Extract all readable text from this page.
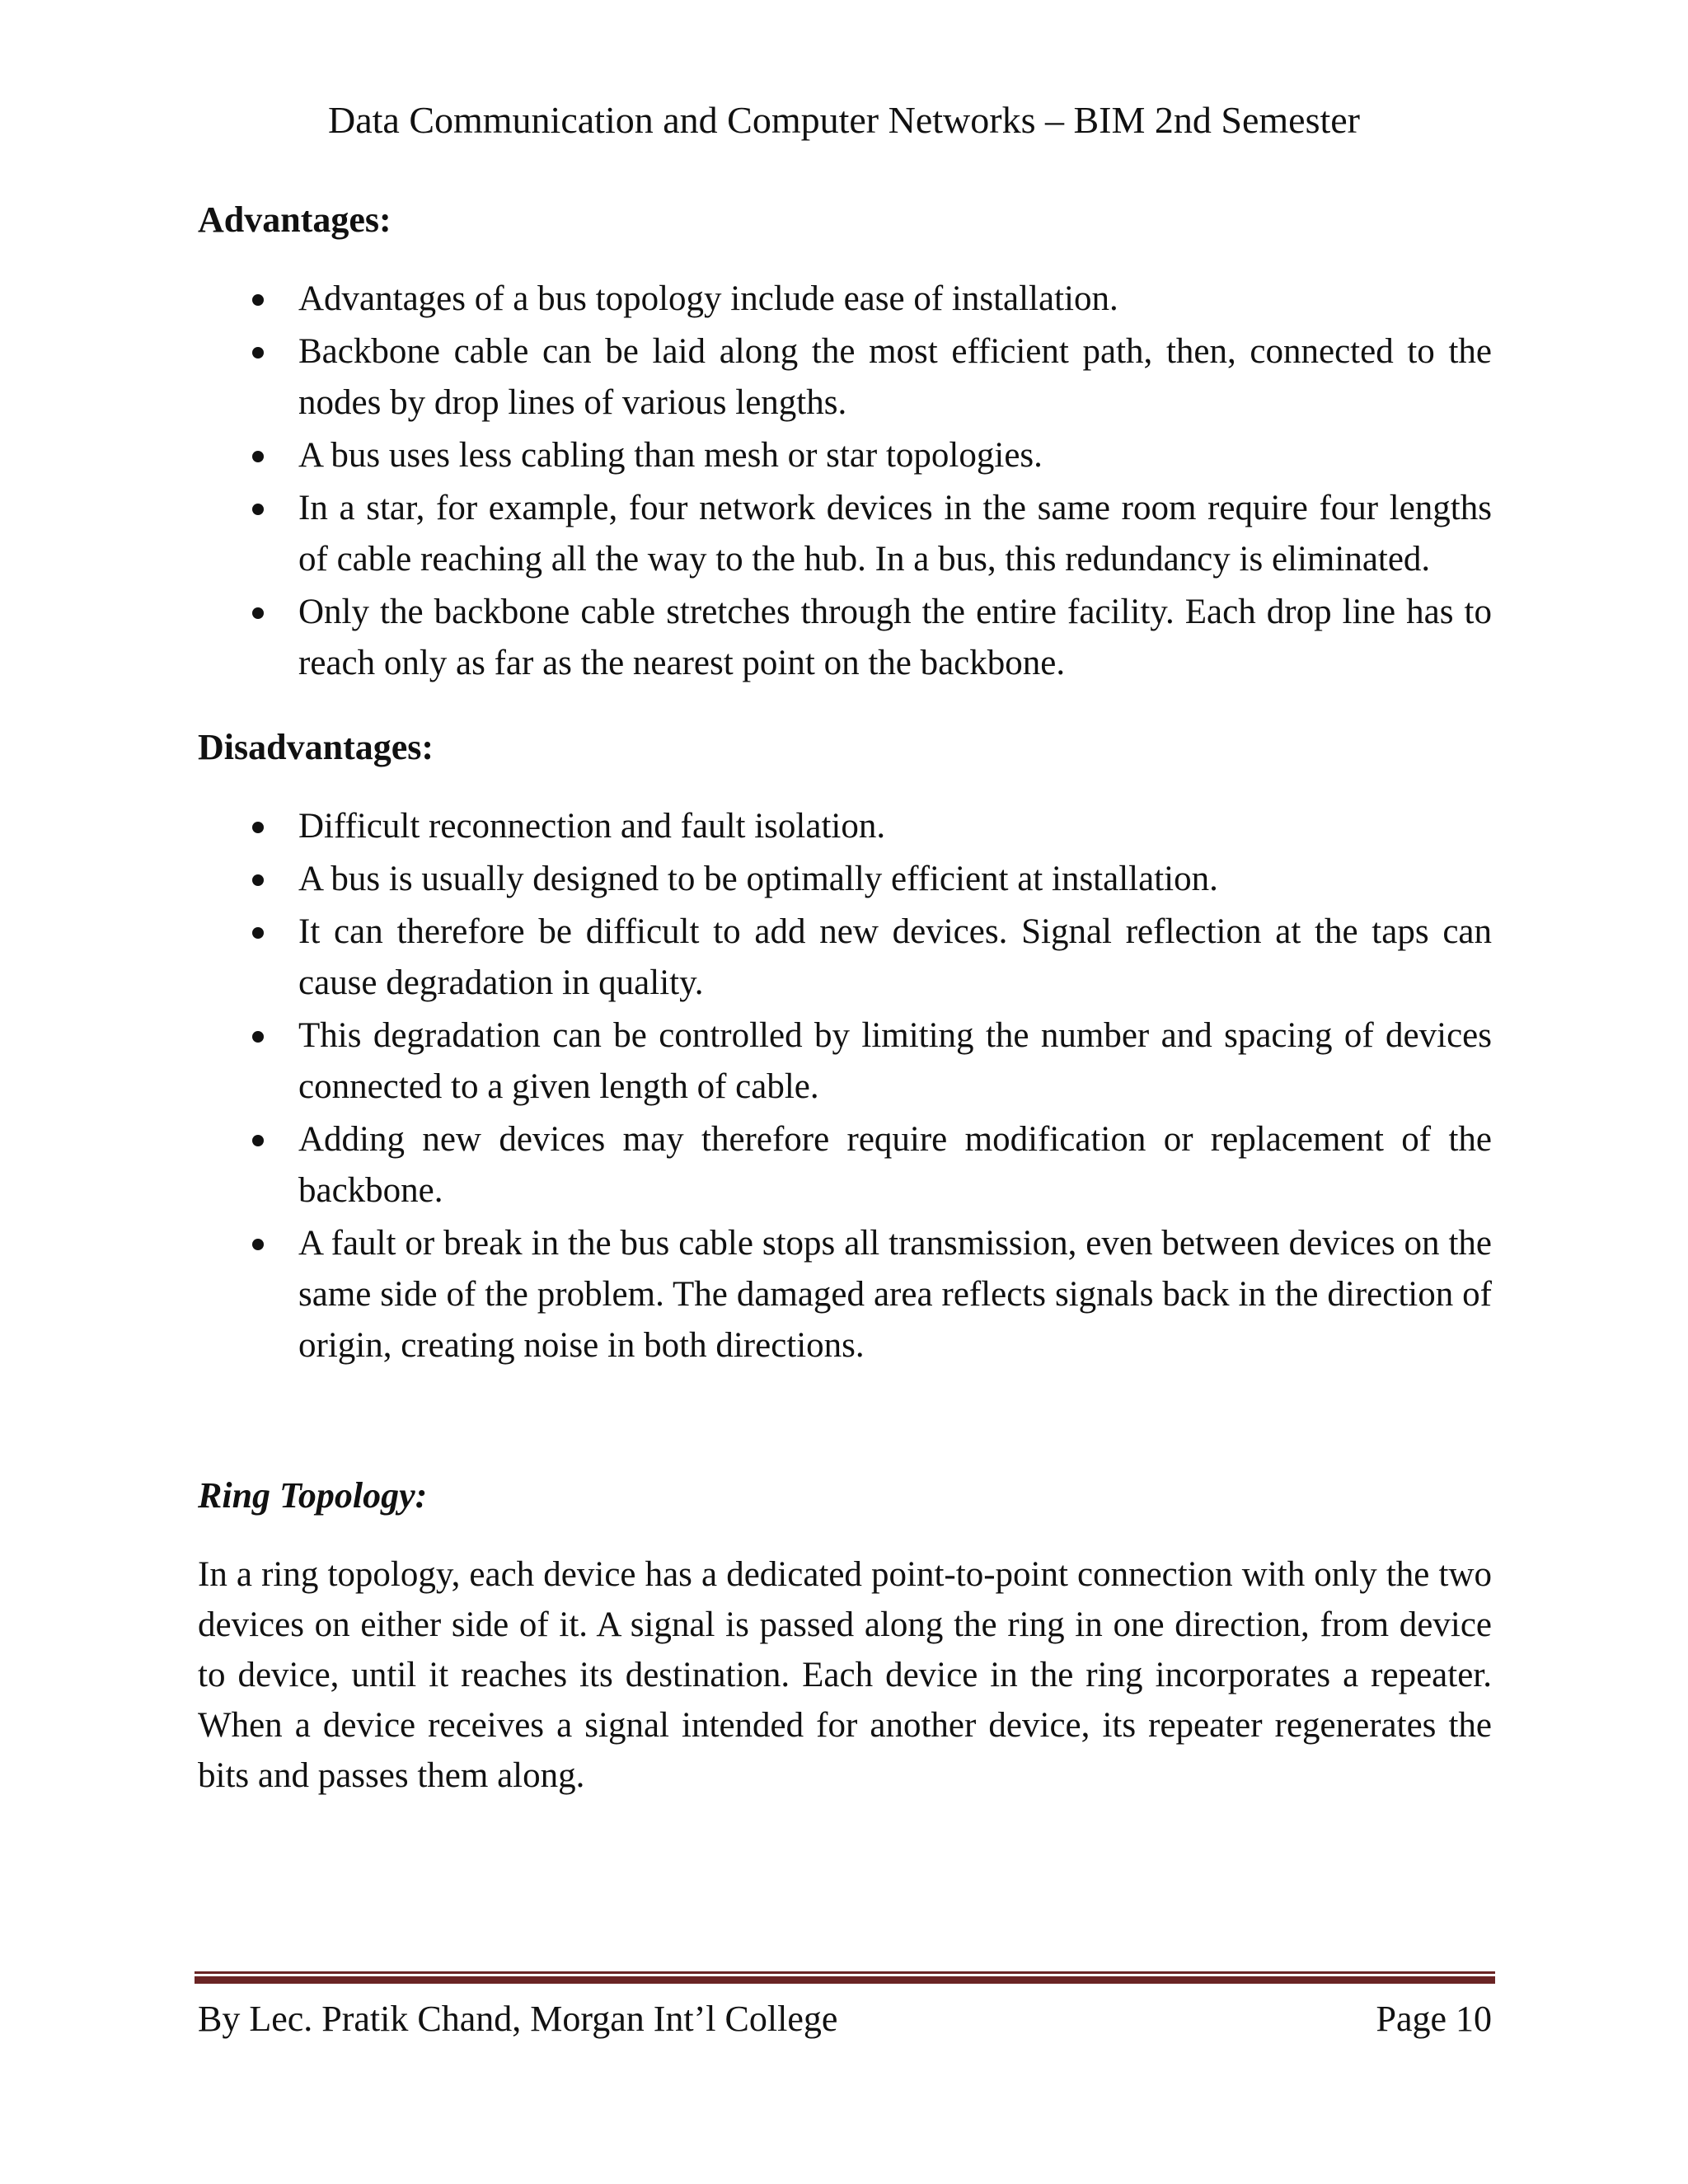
Data Communication and Computer Networks – BIM 2nd Semester

Advantages:
Advantages of a bus topology include ease of installation.
Backbone cable can be laid along the most efficient path, then, connected to the nodes by drop lines of various lengths.
A bus uses less cabling than mesh or star topologies.
In a star, for example, four network devices in the same room require four lengths of cable reaching all the way to the hub. In a bus, this redundancy is eliminated.
Only the backbone cable stretches through the entire facility. Each drop line has to reach only as far as the nearest point on the backbone.
Disadvantages:
Difficult reconnection and fault isolation.
A bus is usually designed to be optimally efficient at installation.
It can therefore be difficult to add new devices. Signal reflection at the taps can cause degradation in quality.
This degradation can be controlled by limiting the number and spacing of devices connected to a given length of cable.
Adding new devices may therefore require modification or replacement of the backbone.
A fault or break in the bus cable stops all transmission, even between devices on the same side of the problem. The damaged area reflects signals back in the direction of origin, creating noise in both directions.
Ring Topology:

In a ring topology, each device has a dedicated point-to-point connection with only the two devices on either side of it. A signal is passed along the ring in one direction, from device to device, until it reaches its destination. Each device in the ring incorporates a repeater. When a device receives a signal intended for another device, its repeater regenerates the bits and passes them along.

By Lec. Pratik Chand, Morgan Int’l College	Page 10
